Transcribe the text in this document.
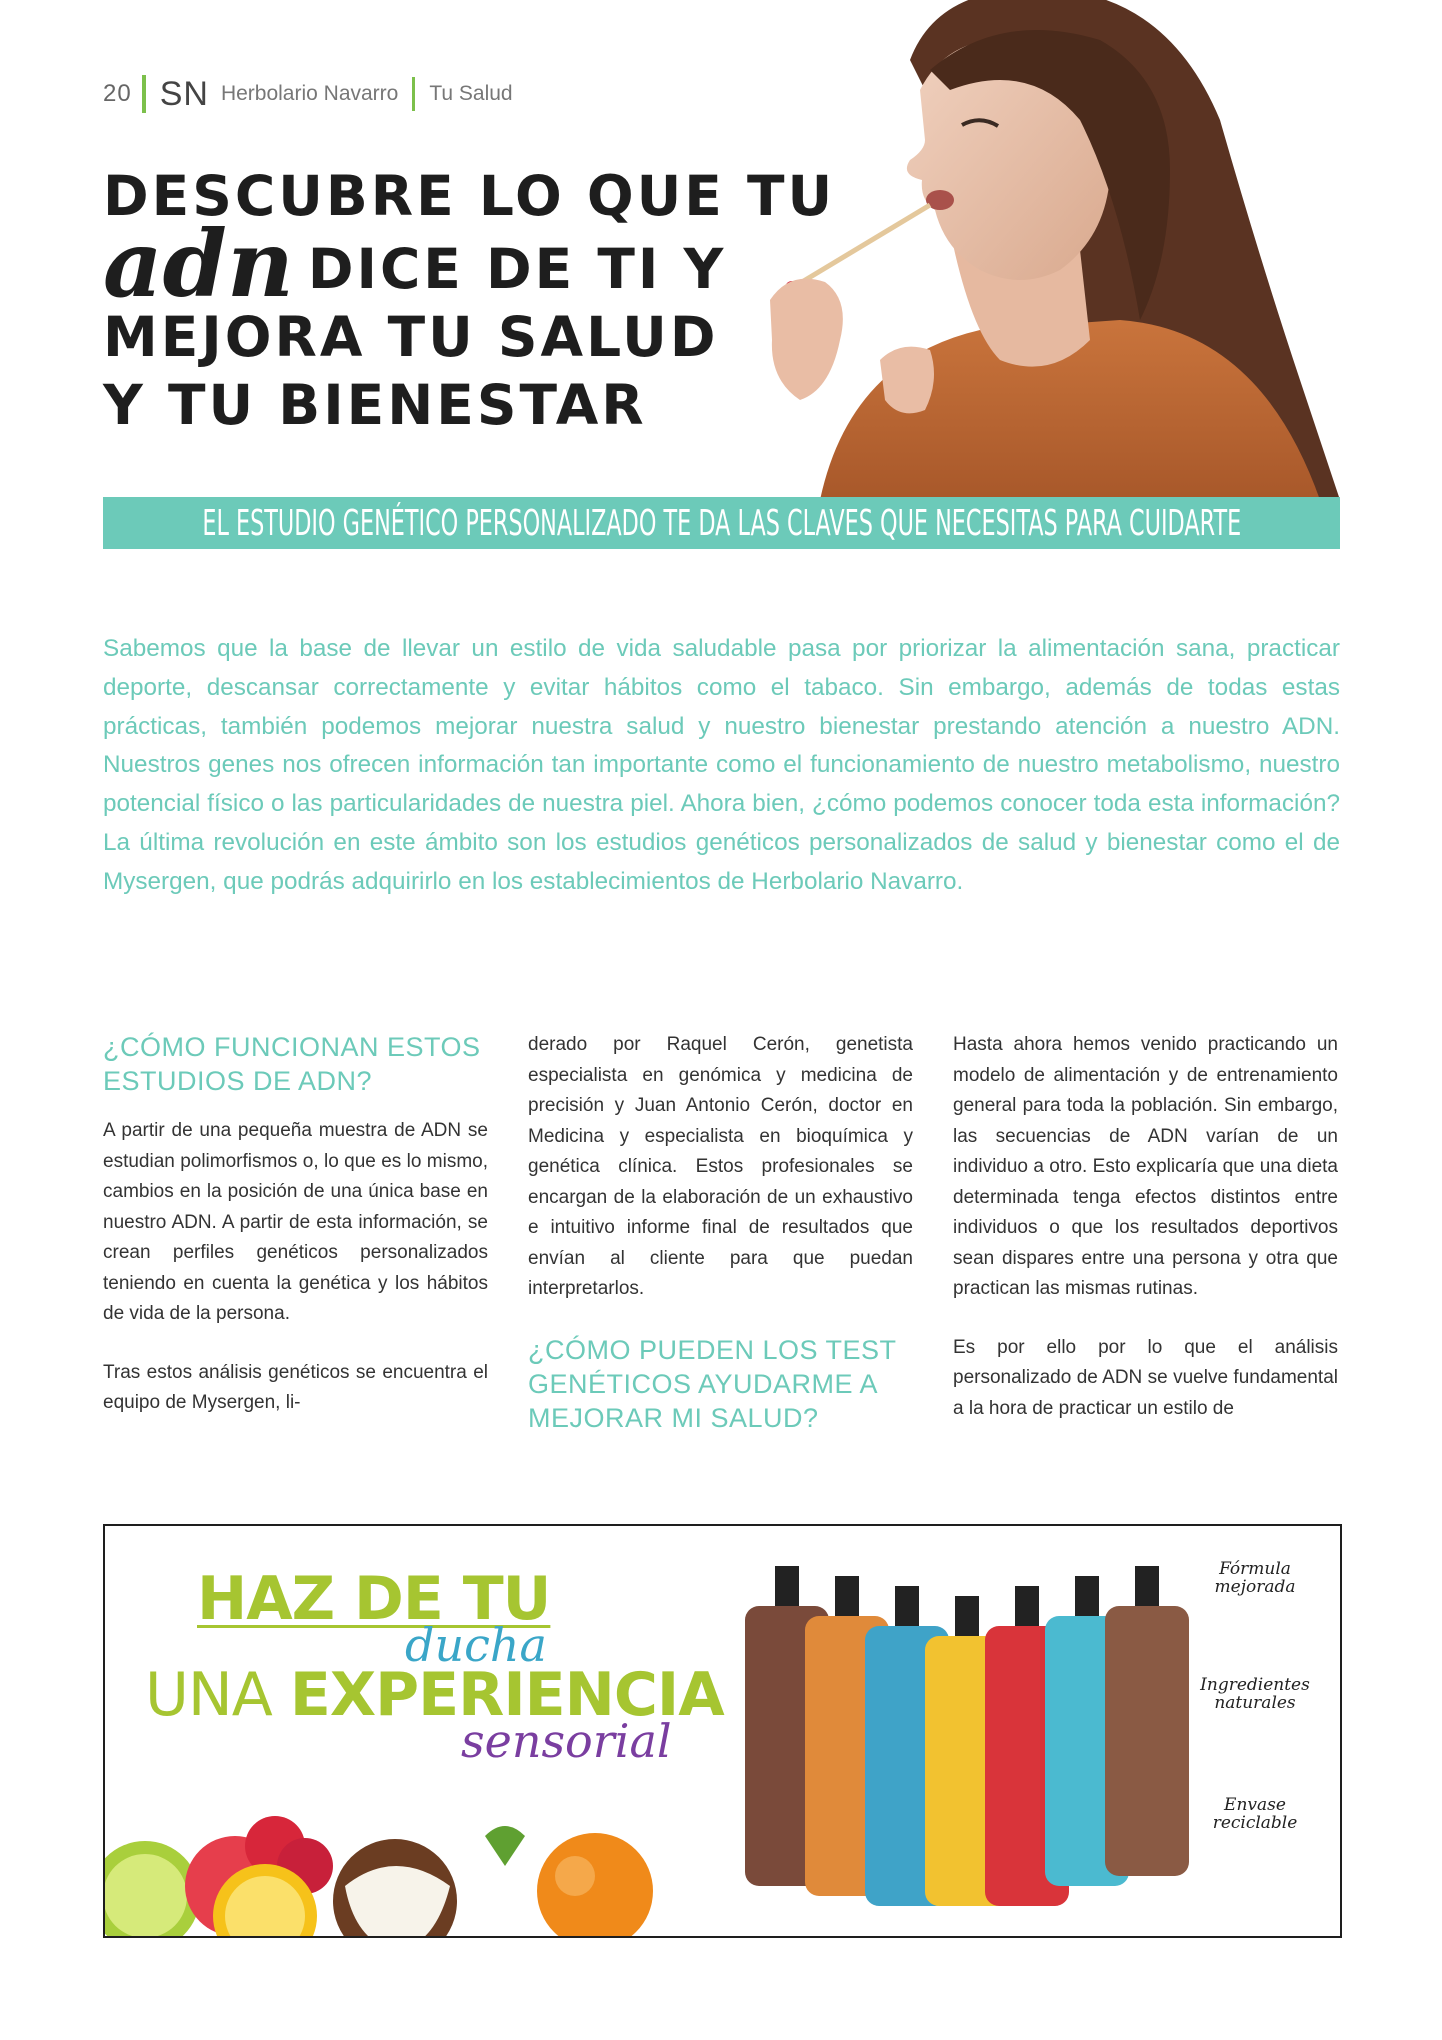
20 SN Herbolario Navarro Tu Salud
DESCUBRE LO QUE TU
adn DICE DE TI Y
MEJORA TU SALUD
Y TU BIENESTAR
EL ESTUDIO GENÉTICO PERSONALIZADO TE DA LAS CLAVES QUE NECESITAS PARA CUIDARTE
Sabemos que la base de llevar un estilo de vida saludable pasa por priorizar la alimentación sana, practicar deporte, descansar correctamente y evitar hábitos como el tabaco. Sin embargo, además de todas estas prácticas, también podemos mejorar nuestra salud y nuestro bienestar prestando atención a nuestro ADN. Nuestros genes nos ofrecen información tan importante como el funcionamiento de nuestro metabolismo, nuestro potencial físico o las particularidades de nuestra piel. Ahora bien, ¿cómo podemos conocer toda esta información? La última revolución en este ámbito son los estudios genéticos personalizados de salud y bienestar como el de Mysergen, que podrás adquirirlo en los establecimientos de Herbolario Navarro.
¿CÓMO FUNCIONAN ESTOS ESTUDIOS DE ADN?

A partir de una pequeña muestra de ADN se estudian polimorfismos o, lo que es lo mismo, cambios en la posición de una única base en nuestro ADN. A partir de esta información, se crean perfiles genéticos personalizados teniendo en cuenta la genética y los hábitos de vida de la persona.

Tras estos análisis genéticos se encuentra el equipo de Mysergen, li-

derado por Raquel Cerón, genetista especialista en genómica y medicina de precisión y Juan Antonio Cerón, doctor en Medicina y especialista en bioquímica y genética clínica. Estos profesionales se encargan de la elaboración de un exhaustivo e intuitivo informe final de resultados que envían al cliente para que puedan interpretarlos.

¿CÓMO PUEDEN LOS TEST GENÉTICOS AYUDARME A MEJORAR MI SALUD?

Hasta ahora hemos venido practicando un modelo de alimentación y de entrenamiento general para toda la población. Sin embargo, las secuencias de ADN varían de un individuo a otro. Esto explicaría que una dieta determinada tenga efectos distintos entre individuos o que los resultados deportivos sean dispares entre una persona y otra que practican las mismas rutinas.

Es por ello por lo que el análisis personalizado de ADN se vuelve fundamental a la hora de practicar un estilo de

HAZ DE TU
ducha
UNA EXPERIENCIA
sensorial
Fórmula mejorada
Ingredientes naturales
Envase reciclable
